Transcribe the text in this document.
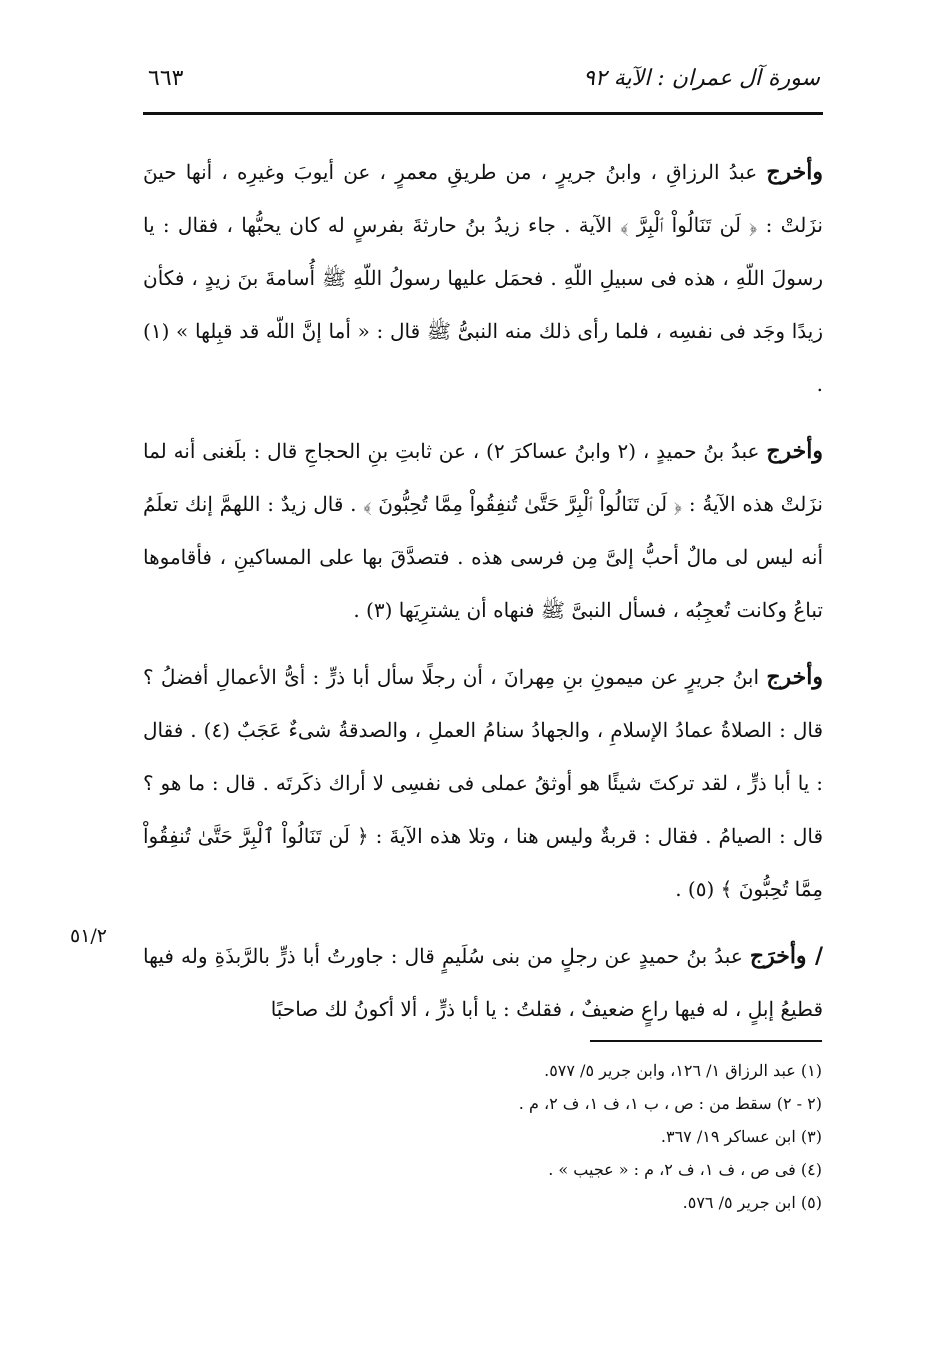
سورة آل عمران : الآية ٩٢
٦٦٣

وأخرج عبدُ الرزاقِ ، وابنُ جريرٍ ، من طريقِ معمرٍ ، عن أيوبَ وغيرِه ، أنها حينَ نزَلتْ : ﴿ لَن تَنَالُواْ ٱلْبِرَّ ﴾ الآية . جاء زيدُ بنُ حارثةَ بفرسٍ له كان يحبُّها ، فقال : يا رسولَ اللّهِ ، هذه فى سبيلِ اللّهِ . فحمَل عليها رسولُ اللّهِ ﷺ أُسامةَ بنَ زيدٍ ، فكأن زيدًا وجَد فى نفسِه ، فلما رأى ذلك منه النبىُّ ﷺ قال : « أما إنَّ اللّه قد قبِلها » (١) .

وأخرج عبدُ بنُ حميدٍ ، (٢ وابنُ عساكرَ ٢) ، عن ثابتِ بنِ الحجاجِ قال : بلَغنى أنه لما نزَلتْ هذه الآيةُ : ﴿ لَن تَنَالُواْ ٱلْبِرَّ حَتَّىٰ تُنفِقُواْ مِمَّا تُحِبُّونَ ﴾ . قال زيدٌ : اللهمَّ إنك تعلَمُ أنه ليس لى مالٌ أحبُّ إلىَّ مِن فرسى هذه . فتصدَّقَ بها على المساكينِ ، فأقاموها تباعُ وكانت تُعجِبُه ، فسأل النبىَّ ﷺ فنهاه أن يشترِيَها (٣) .

وأخرج ابنُ جريرٍ عن ميمونِ بنِ مِهرانَ ، أن رجلًا سأل أبا ذرٍّ : أىُّ الأعمالِ أفضلُ ؟ قال : الصلاةُ عمادُ الإسلامِ ، والجهادُ سنامُ العملِ ، والصدقةُ شىءٌ عَجَبٌ (٤) . فقال : يا أبا ذرٍّ ، لقد تركتَ شيئًا هو أوثقُ عملى فى نفسِى لا أراك ذكَرتَه . قال : ما هو ؟ قال : الصيامُ . فقال : قربةٌ وليس هنا ، وتلا هذه الآيةَ : ﴿ لَن تَنَالُواْ ٱلْبِرَّ حَتَّىٰ تُنفِقُواْ مِمَّا تُحِبُّونَ ﴾ (٥) .

/ وأخرَج عبدُ بنُ حميدٍ عن رجلٍ من بنى سُلَيمٍ قال : جاورتُ أبا ذرٍّ بالرَّبذَةِ وله فيها قطيعُ إبلٍ ، له فيها راعٍ ضعيفٌ ، فقلتُ : يا أبا ذرٍّ ، ألا أكونُ لك صاحبًا

٥١/٢
(١) عبد الرزاق ١/ ١٢٦، وابن جرير ٥/ ٥٧٧.
(٢ - ٢) سقط من : ص ، ب ١، ف ١، ف ٢، م .
(٣) ابن عساكر ١٩/ ٣٦٧.
(٤) فى ص ، ف ١، ف ٢، م : « عجيب » .
(٥) ابن جرير ٥/ ٥٧٦.
